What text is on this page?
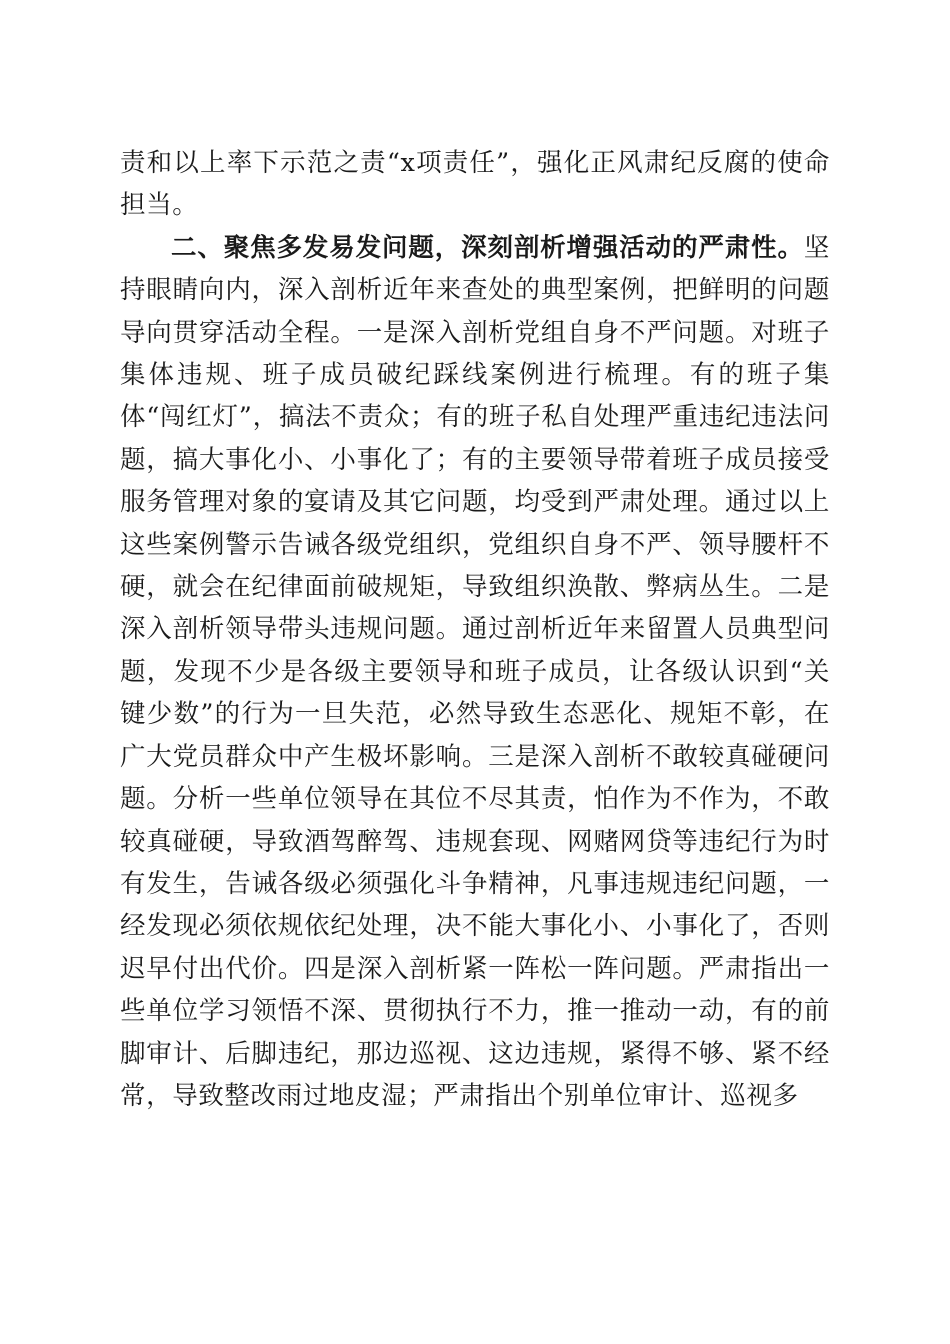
责和以上率下示范之责“x项责任”，强化正风肃纪反腐的使命担当。

二、聚焦多发易发问题，深刻剖析增强活动的严肃性。坚持眼睛向内，深入剖析近年来查处的典型案例，把鲜明的问题导向贯穿活动全程。一是深入剖析党组自身不严问题。对班子集体违规、班子成员破纪踩线案例进行梳理。有的班子集体“闯红灯”，搞法不责众；有的班子私自处理严重违纪违法问题，搞大事化小、小事化了；有的主要领导带着班子成员接受服务管理对象的宴请及其它问题，均受到严肃处理。通过以上这些案例警示告诫各级党组织，党组织自身不严、领导腰杆不硬，就会在纪律面前破规矩，导致组织涣散、弊病丛生。二是深入剖析领导带头违规问题。通过剖析近年来留置人员典型问题，发现不少是各级主要领导和班子成员，让各级认识到“关键少数”的行为一旦失范，必然导致生态恶化、规矩不彰，在广大党员群众中产生极坏影响。三是深入剖析不敢较真碰硬问题。分析一些单位领导在其位不尽其责，怕作为不作为，不敢较真碰硬，导致酒驾醉驾、违规套现、网赌网贷等违纪行为时有发生，告诫各级必须强化斗争精神，凡事违规违纪问题，一经发现必须依规依纪处理，决不能大事化小、小事化了，否则迟早付出代价。四是深入剖析紧一阵松一阵问题。严肃指出一些单位学习领悟不深、贯彻执行不力，推一推动一动，有的前脚审计、后脚违纪，那边巡视、这边违规，紧得不够、紧不经常，导致整改雨过地皮湿；严肃指出个别单位审计、巡视多
